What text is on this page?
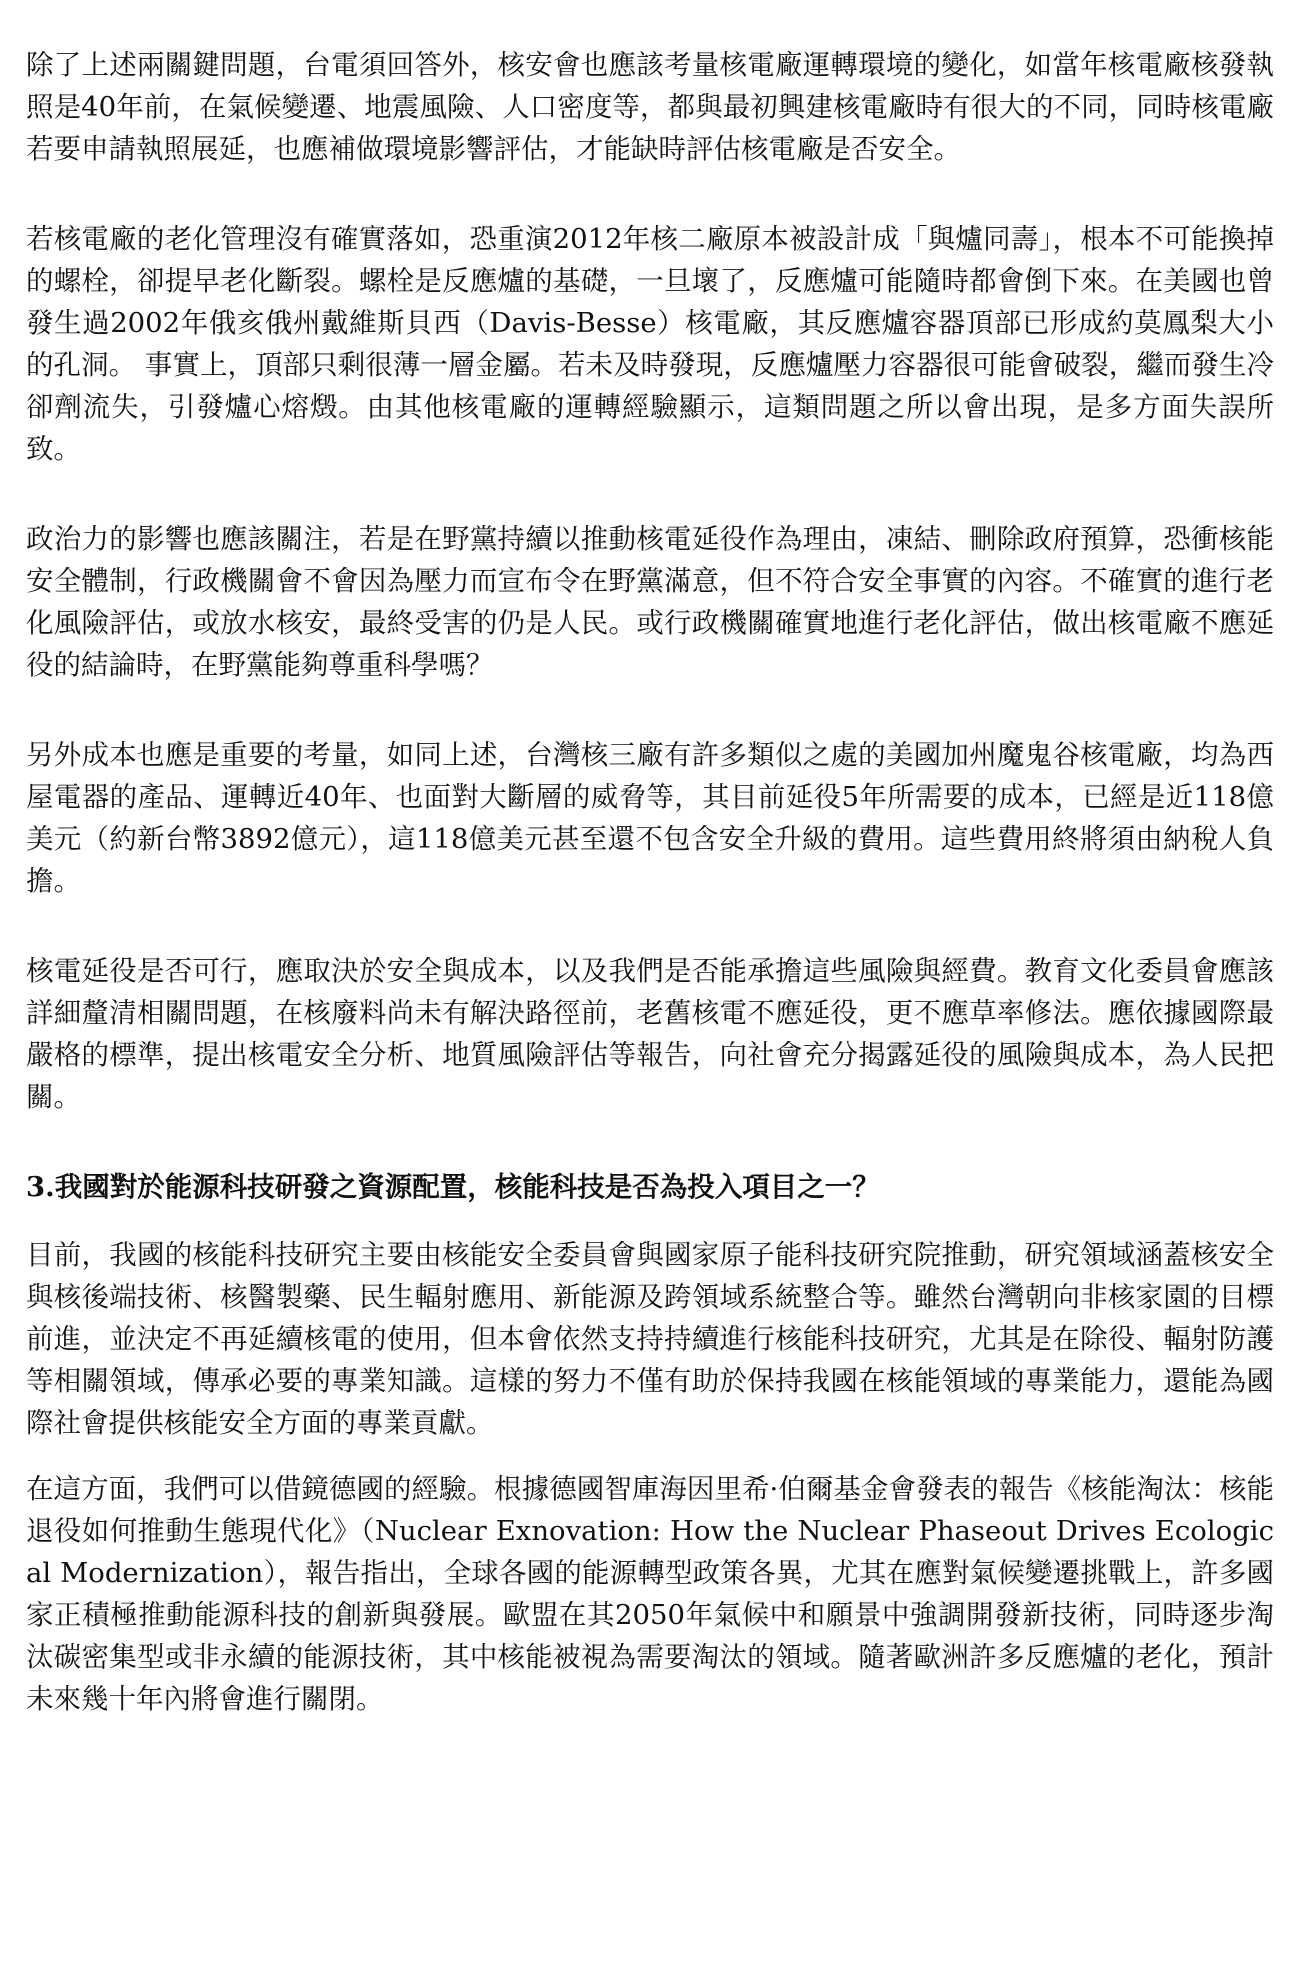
除了上述兩關鍵問題，台電須回答外，核安會也應該考量核電廠運轉環境的變化，如當年核電廠核發執照是40年前，在氣候變遷、地震風險、人口密度等，都與最初興建核電廠時有很大的不同，同時核電廠若要申請執照展延，也應補做環境影響評估，才能缺時評估核電廠是否安全。

若核電廠的老化管理沒有確實落如，恐重演2012年核二廠原本被設計成「與爐同壽」，根本不可能換掉的螺栓，卻提早老化斷裂。螺栓是反應爐的基礎，一旦壞了，反應爐可能隨時都會倒下來。在美國也曾發生過2002年俄亥俄州戴維斯貝西（Davis-Besse）核電廠，其反應爐容器頂部已形成約莫鳳梨大小的孔洞。 事實上，頂部只剩很薄一層金屬。若未及時發現，反應爐壓力容器很可能會破裂，繼而發生冷卻劑流失，引發爐心熔燬。由其他核電廠的運轉經驗顯示，這類問題之所以會出現，是多方面失誤所致。

政治力的影響也應該關注，若是在野黨持續以推動核電延役作為理由，凍結、刪除政府預算，恐衝核能安全體制，行政機關會不會因為壓力而宣布令在野黨滿意，但不符合安全事實的內容。不確實的進行老化風險評估，或放水核安，最終受害的仍是人民。或行政機關確實地進行老化評估，做出核電廠不應延役的結論時，在野黨能夠尊重科學嗎？

另外成本也應是重要的考量，如同上述，台灣核三廠有許多類似之處的美國加州魔鬼谷核電廠，均為西屋電器的產品、運轉近40年、也面對大斷層的威脅等，其目前延役5年所需要的成本，已經是近118億美元（約新台幣3892億元），這118億美元甚至還不包含安全升級的費用。這些費用終將須由納稅人負擔。

核電延役是否可行，應取決於安全與成本，以及我們是否能承擔這些風險與經費。教育文化委員會應該詳細釐清相關問題，在核廢料尚未有解決路徑前，老舊核電不應延役，更不應草率修法。應依據國際最嚴格的標準，提出核電安全分析、地質風險評估等報告，向社會充分揭露延役的風險與成本，為人民把關。

3.我國對於能源科技研發之資源配置，核能科技是否為投入項目之一？

目前，我國的核能科技研究主要由核能安全委員會與國家原子能科技研究院推動，研究領域涵蓋核安全與核後端技術、核醫製藥、民生輻射應用、新能源及跨領域系統整合等。雖然台灣朝向非核家園的目標前進，並決定不再延續核電的使用，但本會依然支持持續進行核能科技研究，尤其是在除役、輻射防護等相關領域，傳承必要的專業知識。這樣的努力不僅有助於保持我國在核能領域的專業能力，還能為國際社會提供核能安全方面的專業貢獻。

在這方面，我們可以借鏡德國的經驗。根據德國智庫海因里希·伯爾基金會發表的報告《核能淘汰：核能退役如何推動生態現代化》（Nuclear Exnovation: How the Nuclear Phaseout Drives Ecological Modernization），報告指出，全球各國的能源轉型政策各異，尤其在應對氣候變遷挑戰上，許多國家正積極推動能源科技的創新與發展。歐盟在其2050年氣候中和願景中強調開發新技術，同時逐步淘汰碳密集型或非永續的能源技術，其中核能被視為需要淘汰的領域。隨著歐洲許多反應爐的老化，預計未來幾十年內將會進行關閉。
